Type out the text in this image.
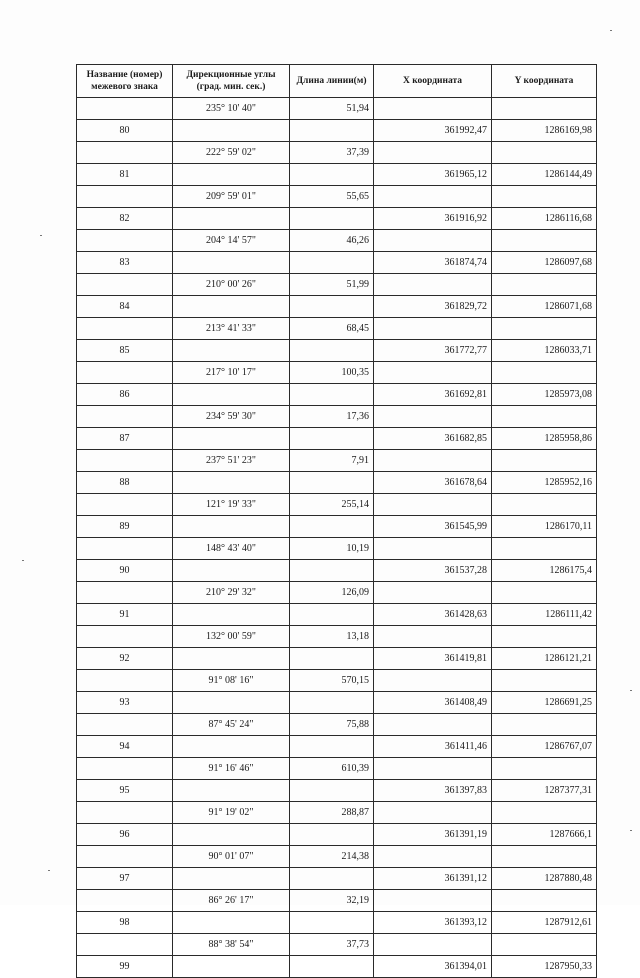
Название (номер) межевого знака	Дирекционные углы (град. мин. сек.)	Длина линии(м)	X координата	Y координата
	235° 10' 40"	51,94		
80			361992,47	1286169,98
	222° 59' 02"	37,39		
81			361965,12	1286144,49
	209° 59' 01"	55,65		
82			361916,92	1286116,68
	204° 14' 57"	46,26		
83			361874,74	1286097,68
	210° 00' 26"	51,99		
84			361829,72	1286071,68
	213° 41' 33"	68,45		
85			361772,77	1286033,71
	217° 10' 17"	100,35		
86			361692,81	1285973,08
	234° 59' 30"	17,36		
87			361682,85	1285958,86
	237° 51' 23"	7,91		
88			361678,64	1285952,16
	121° 19' 33"	255,14		
89			361545,99	1286170,11
	148° 43' 40"	10,19		
90			361537,28	1286175,4
	210° 29' 32"	126,09		
91			361428,63	1286111,42
	132° 00' 59"	13,18		
92			361419,81	1286121,21
	91° 08' 16"	570,15		
93			361408,49	1286691,25
	87° 45' 24"	75,88		
94			361411,46	1286767,07
	91° 16' 46"	610,39		
95			361397,83	1287377,31
	91° 19' 02"	288,87		
96			361391,19	1287666,1
	90° 01' 07"	214,38		
97			361391,12	1287880,48
	86° 26' 17"	32,19		
98			361393,12	1287912,61
	88° 38' 54"	37,73		
99			361394,01	1287950,33
